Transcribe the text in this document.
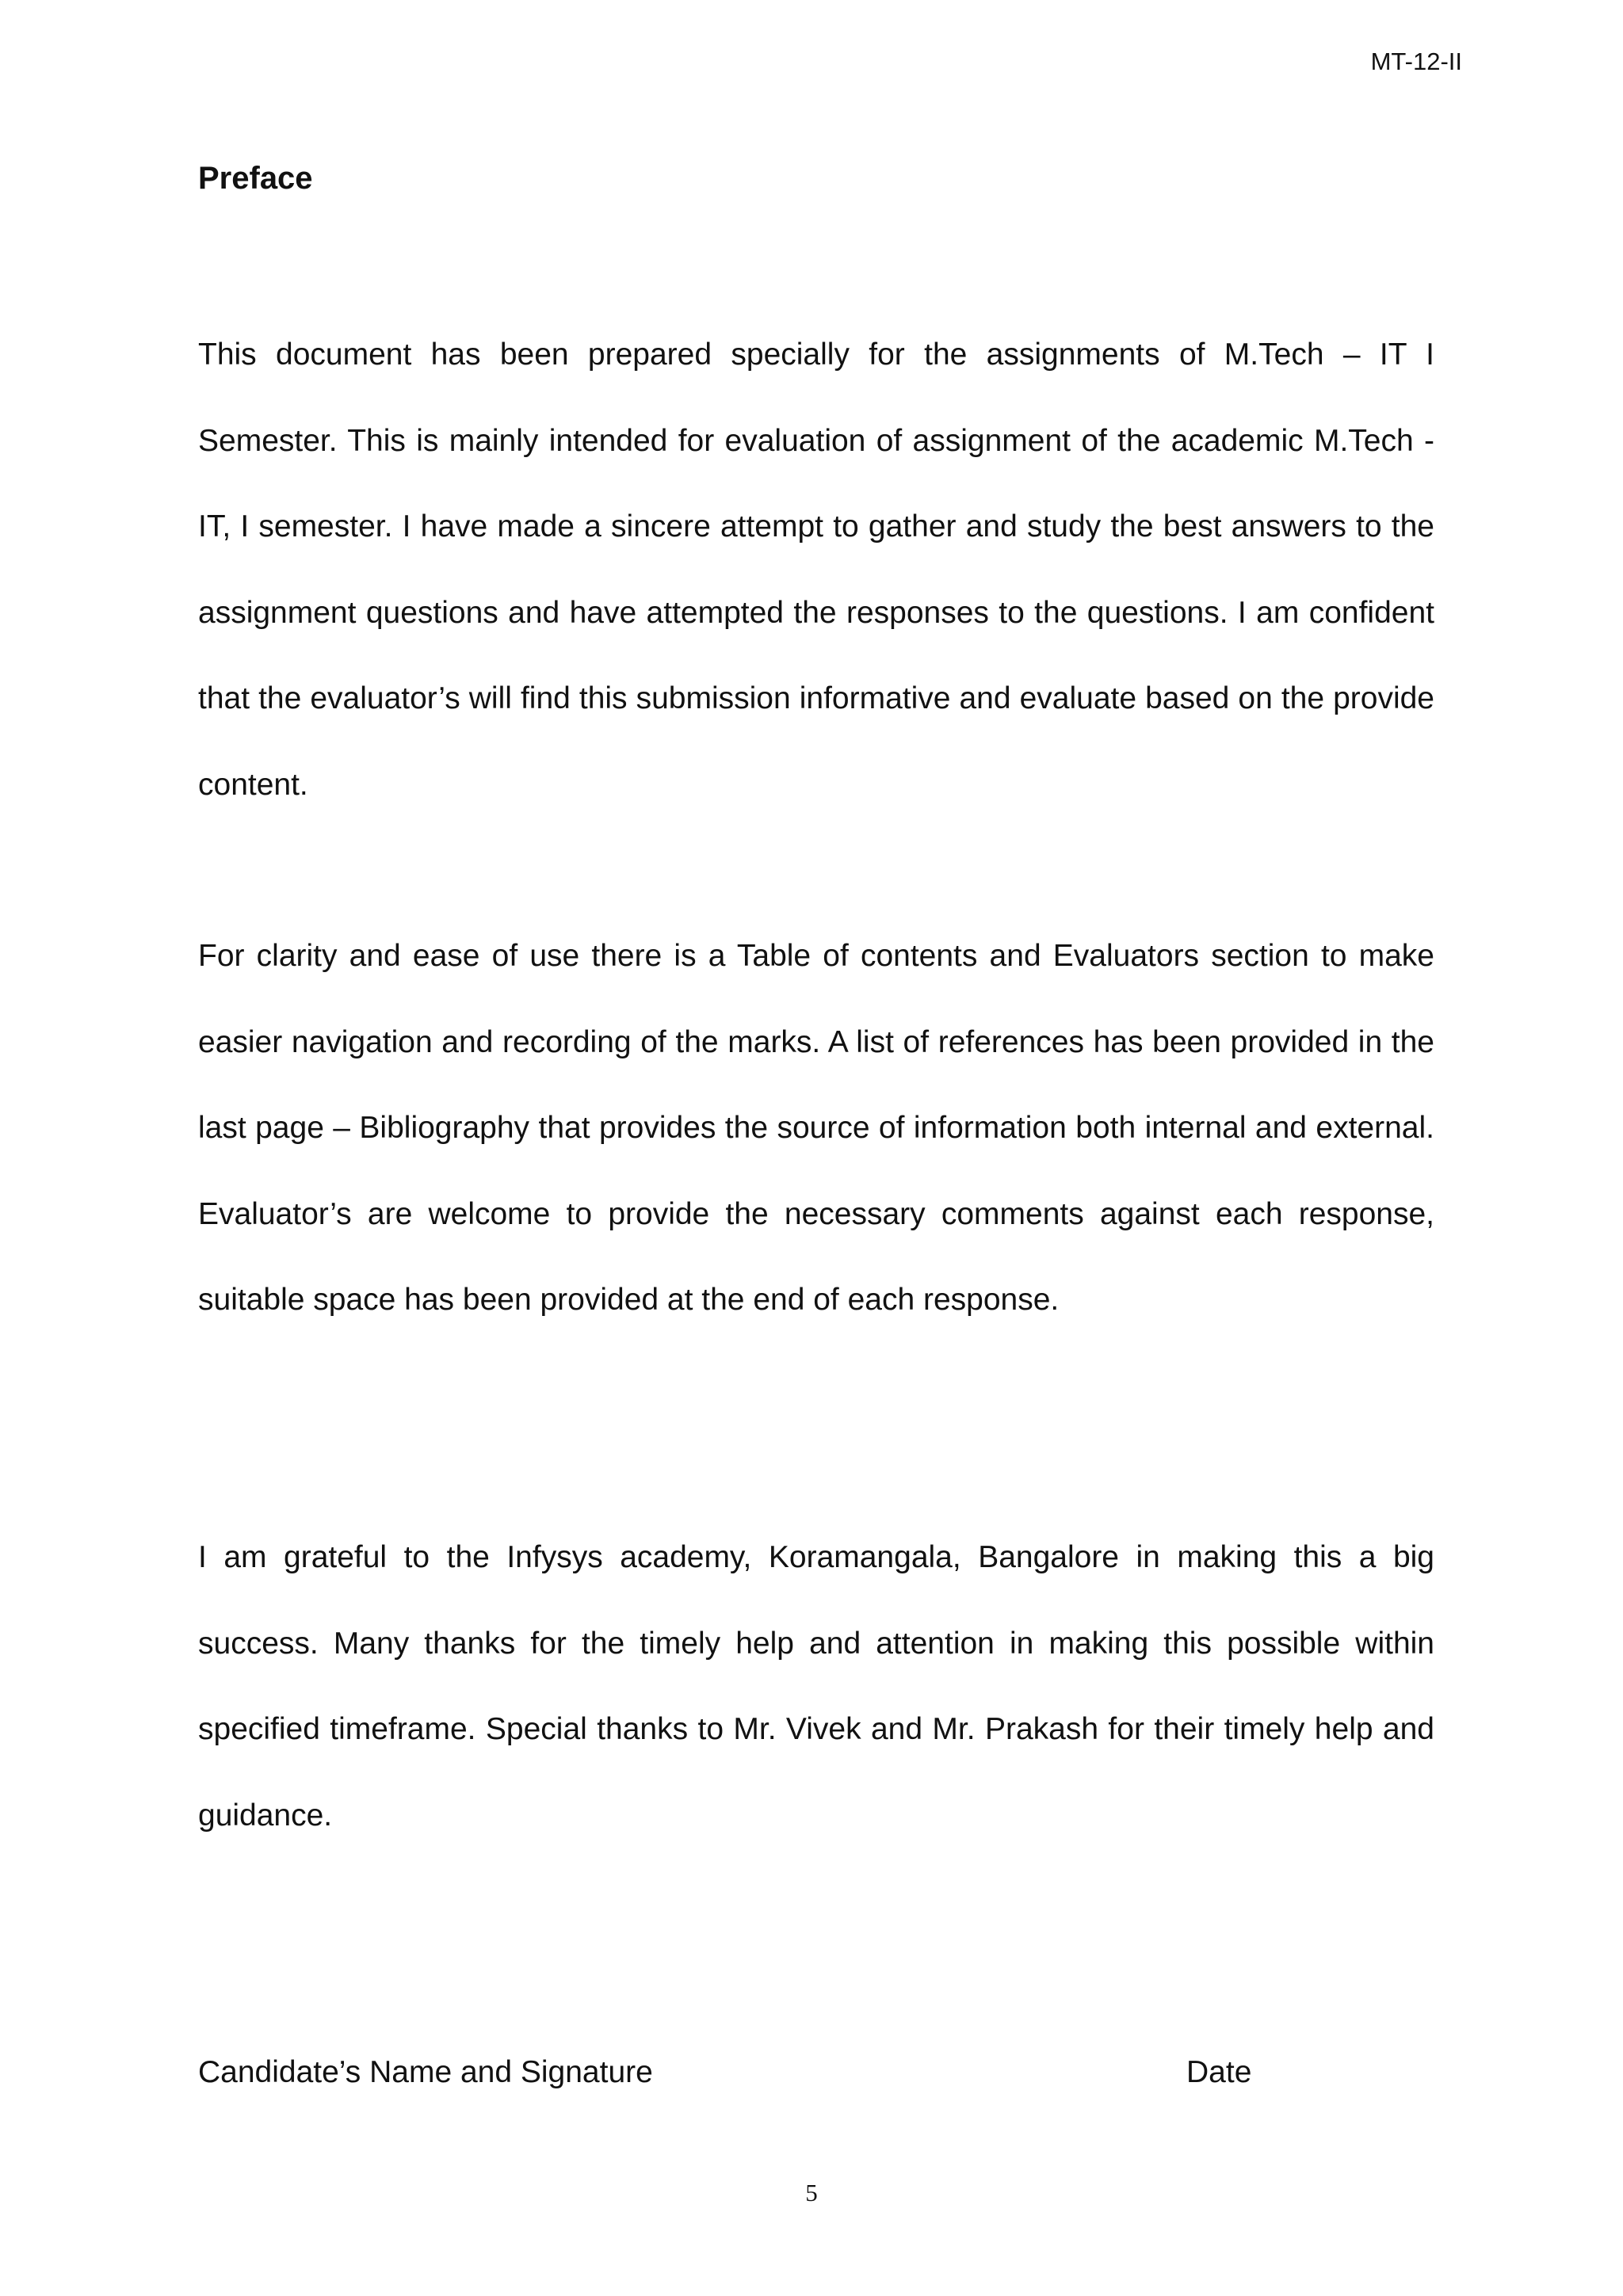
MT-12-II
Preface

This document has been prepared specially for the assignments of M.Tech – IT I Semester. This is mainly intended for evaluation of assignment of the academic M.Tech - IT, I semester. I have made a sincere attempt to gather and study the best answers to the assignment questions and have attempted the responses to the questions. I am confident that the evaluator’s will find this submission informative and evaluate based on the provide content.

For clarity and ease of use there is a Table of contents and Evaluators section to make easier navigation and recording of the marks. A list of references has been provided in the last page – Bibliography that provides the source of information both internal and external. Evaluator’s are welcome to provide the necessary comments against each response, suitable space has been provided at the end of each response.

I am grateful to the Infysys academy, Koramangala, Bangalore in making this a big success. Many thanks for the timely help and attention in making this possible within specified timeframe. Special thanks to Mr. Vivek and Mr. Prakash for their timely help and guidance.

Candidate’s Name and Signature	Date
5
